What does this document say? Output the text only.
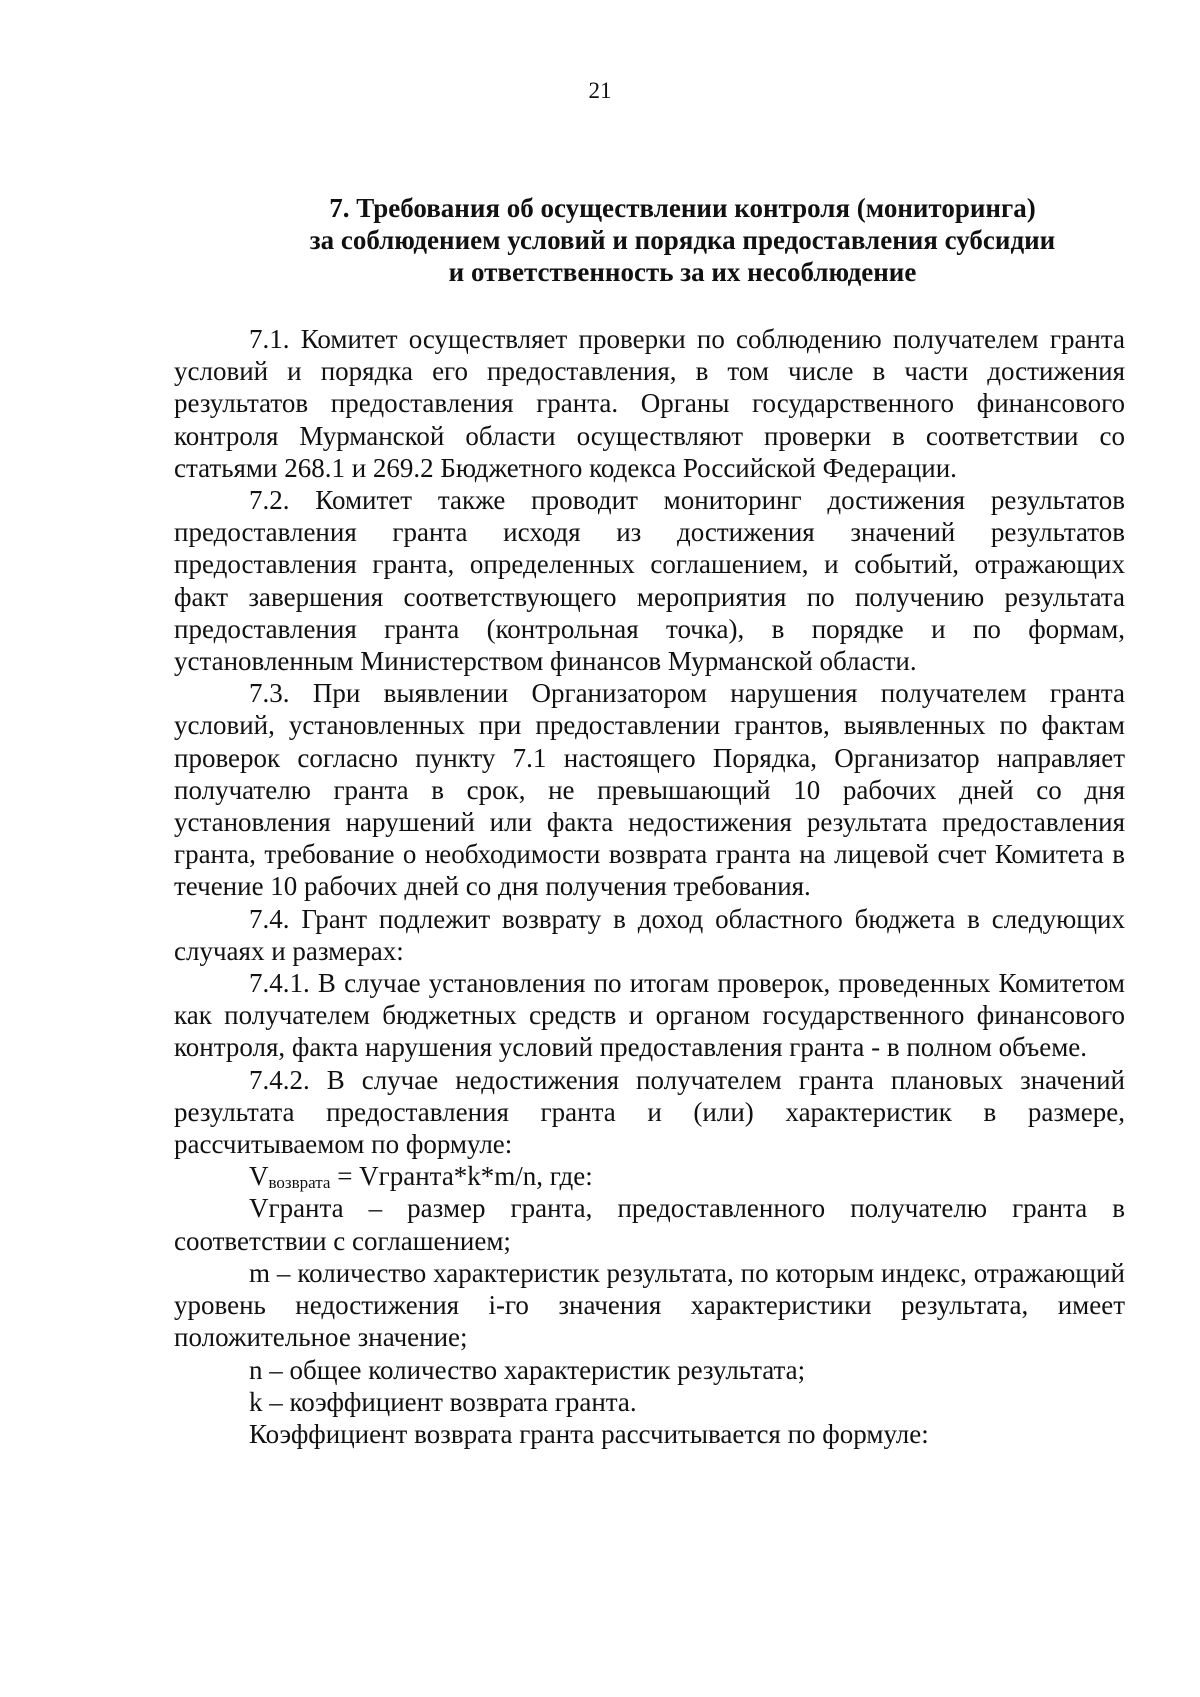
21
7. Требования об осуществлении контроля (мониторинга)
за соблюдением условий и порядка предоставления субсидии
и ответственность за их несоблюдение

7.1. Комитет осуществляет проверки по соблюдению получателем гранта условий и порядка его предоставления, в том числе в части достижения результатов предоставления гранта. Органы государственного финансового контроля Мурманской области осуществляют проверки в соответствии со статьями 268.1 и 269.2 Бюджетного кодекса Российской Федерации.

7.2. Комитет также проводит мониторинг достижения результатов предоставления гранта исходя из достижения значений результатов предоставления гранта, определенных соглашением, и событий, отражающих факт завершения соответствующего мероприятия по получению результата предоставления гранта (контрольная точка), в порядке и по формам, установленным Министерством финансов Мурманской области.

7.3. При выявлении Организатором нарушения получателем гранта условий, установленных при предоставлении грантов, выявленных по фактам проверок согласно пункту 7.1 настоящего Порядка, Организатор направляет получателю гранта в срок, не превышающий 10 рабочих дней со дня установления нарушений или факта недостижения результата предоставления гранта, требование о необходимости возврата гранта на лицевой счет Комитета в течение 10 рабочих дней со дня получения требования.

7.4. Грант подлежит возврату в доход областного бюджета в следующих случаях и размерах:

7.4.1. В случае установления по итогам проверок, проведенных Комитетом как получателем бюджетных средств и органом государственного финансового контроля, факта нарушения условий предоставления гранта - в полном объеме.

7.4.2. В случае недостижения получателем гранта плановых значений результата предоставления гранта и (или) характеристик в размере, рассчитываемом по формуле:

$V_{возврата}$ = Vгранта*k*m/n, где:

Vгранта – размер гранта, предоставленного получателю гранта в соответствии с соглашением;

m – количество характеристик результата, по которым индекс, отражающий уровень недостижения i-го значения характеристики результата, имеет положительное значение;

n – общее количество характеристик результата;

k – коэффициент возврата гранта.

Коэффициент возврата гранта рассчитывается по формуле:
